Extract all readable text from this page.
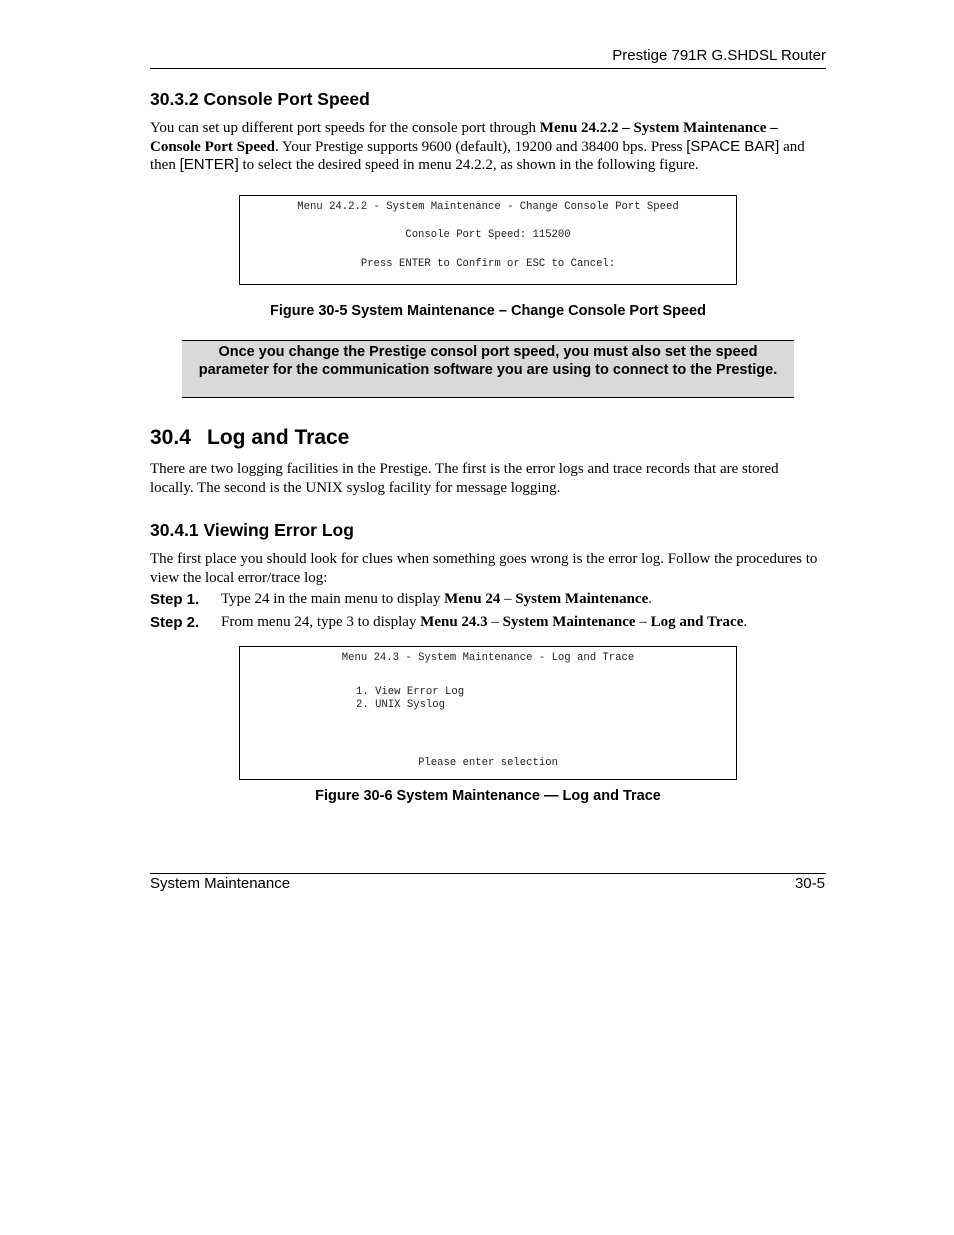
Prestige 791R G.SHDSL Router
30.3.2 Console Port Speed
You can set up different port speeds for the console port through Menu 24.2.2 – System Maintenance – Console Port Speed. Your Prestige supports 9600 (default), 19200 and 38400 bps. Press [SPACE BAR] and then [ENTER] to select the desired speed in menu 24.2.2, as shown in the following figure.
Menu 24.2.2 - System Maintenance - Change Console Port Speed
Console Port Speed: 115200
Press ENTER to Confirm or ESC to Cancel:
Figure 30-5 System Maintenance – Change Console Port Speed
Once you change the Prestige consol port speed, you must also set the speed parameter for the communication software you are using to connect to the Prestige.
30.4 Log and Trace
There are two logging facilities in the Prestige. The first is the error logs and trace records that are stored locally. The second is the UNIX syslog facility for message logging.
30.4.1 Viewing Error Log
The first place you should look for clues when something goes wrong is the error log. Follow the procedures to view the local error/trace log:
Step 1. Type 24 in the main menu to display Menu 24 – System Maintenance.
Step 2. From menu 24, type 3 to display Menu 24.3 – System Maintenance – Log and Trace.
Menu 24.3 - System Maintenance - Log and Trace
1. View Error Log
2. UNIX Syslog
Please enter selection
Figure 30-6 System Maintenance — Log and Trace
System Maintenance	30-5
